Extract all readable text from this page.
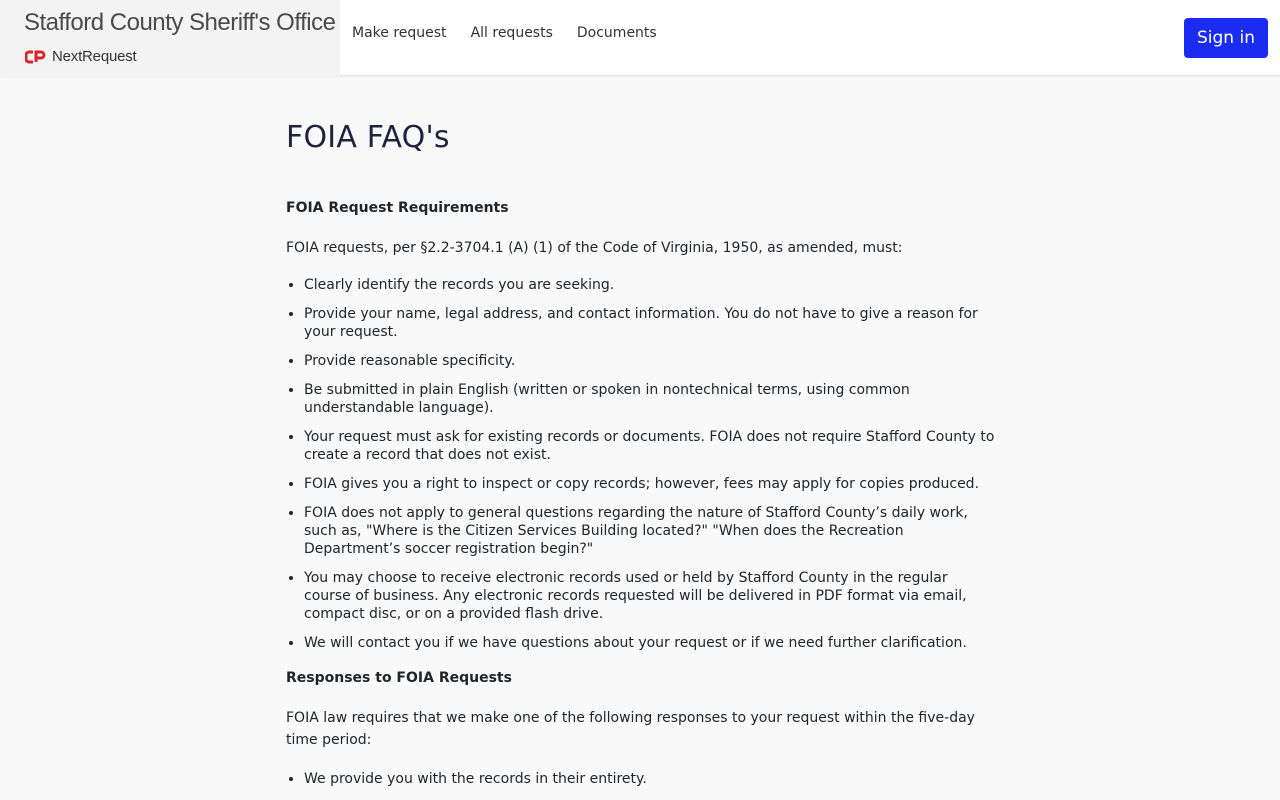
Stafford County Sheriff's Office
NextRequest
Make request All requests Documents	Sign in
FOIA FAQ's
FOIA Request Requirements

FOIA requests, per §2.2-3704.1 (A) (1) of the Code of Virginia, 1950, as amended, must:

• Clearly identify the records you are seeking.
• Provide your name, legal address, and contact information. You do not have to give a reason for your request.
• Provide reasonable specificity.
• Be submitted in plain English (written or spoken in nontechnical terms, using common understandable language).
• Your request must ask for existing records or documents. FOIA does not require Stafford County to create a record that does not exist.
• FOIA gives you a right to inspect or copy records; however, fees may apply for copies produced.
• FOIA does not apply to general questions regarding the nature of Stafford County’s daily work, such as, "Where is the Citizen Services Building located?" "When does the Recreation Department’s soccer registration begin?"
• You may choose to receive electronic records used or held by Stafford County in the regular course of business. Any electronic records requested will be delivered in PDF format via email, compact disc, or on a provided flash drive.
• We will contact you if we have questions about your request or if we need further clarification.
Responses to FOIA Requests

FOIA law requires that we make one of the following responses to your request within the five-day time period:

• We provide you with the records in their entirety.
